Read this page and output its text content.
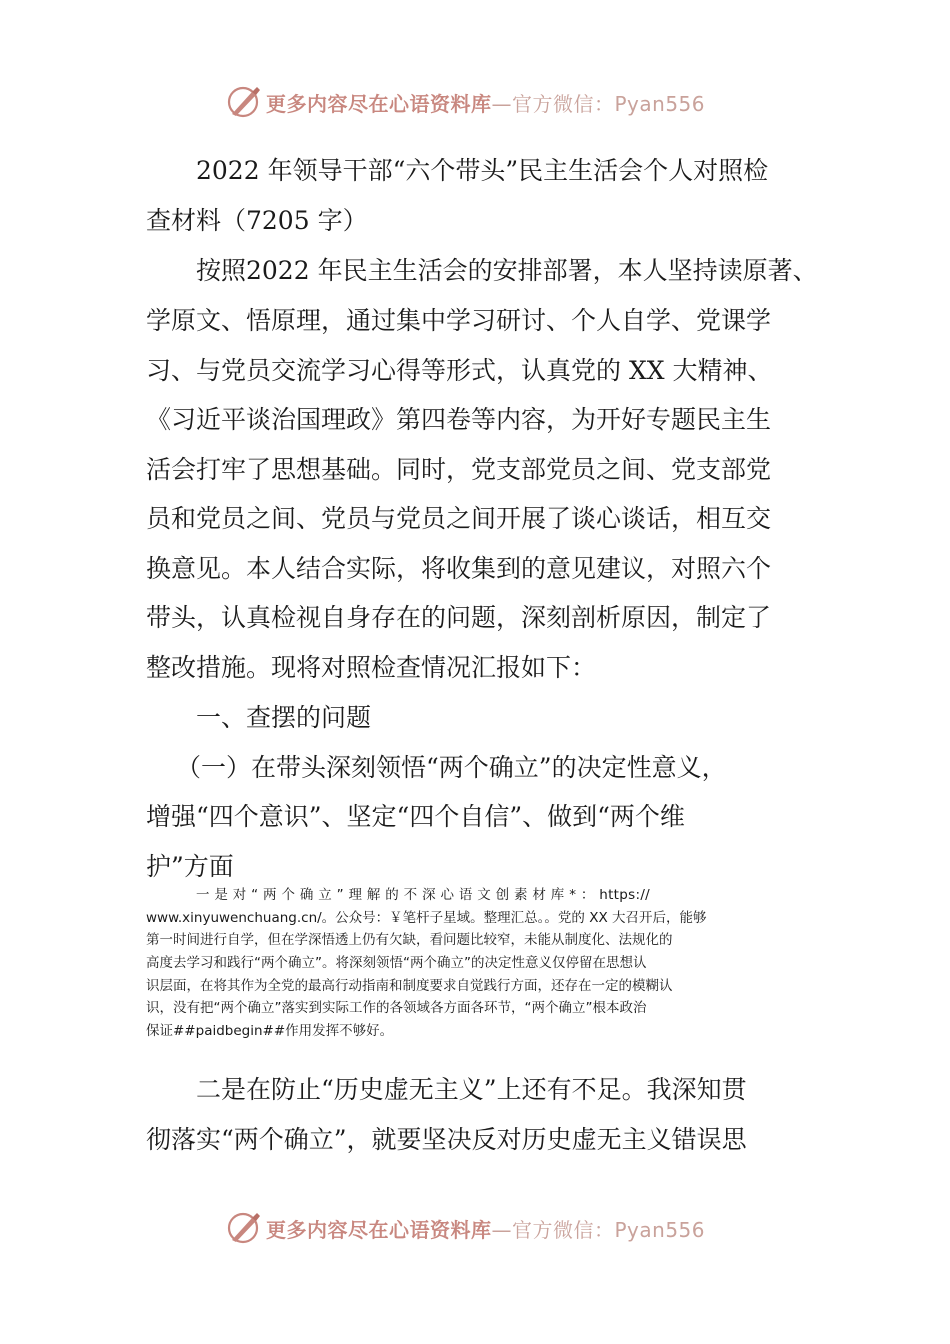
更多内容尽在心语资料库—官方微信：Pyan556
2022 年领导干部“六个带头”民主生活会个人对照检
查材料（7205 字）
按照2022 年民主生活会的安排部署，本人坚持读原著、
学原文、悟原理，通过集中学习研讨、个人自学、党课学
习、与党员交流学习心得等形式，认真党的 XX 大精神、
《习近平谈治国理政》第四卷等内容，为开好专题民主生
活会打牢了思想基础。同时，党支部党员之间、党支部党
员和党员之间、党员与党员之间开展了谈心谈话，相互交
换意见。本人结合实际，将收集到的意见建议，对照六个
带头，认真检视自身存在的问题，深刻剖析原因，制定了
整改措施。现将对照检查情况汇报如下：
一、查摆的问题
（一）在带头深刻领悟“两个确立”的决定性意义，
增强“四个意识”、坚定“四个自信”、做到“两个维
护”方面
一 是 对 “ 两 个 确 立 ” 理 解 的 不 深 心 语 文 创 素 材 库 * ： https://
www.xinyuwenchuang.cn/。公众号：￥笔杆子星域。整理汇总。。党的 XX 大召开后，能够
第一时间进行自学，但在学深悟透上仍有欠缺，看问题比较窄，未能从制度化、法规化的
高度去学习和践行“两个确立”。将深刻领悟“两个确立”的决定性意义仅停留在思想认
识层面，在将其作为全党的最高行动指南和制度要求自觉践行方面，还存在一定的模糊认
识，没有把“两个确立”落实到实际工作的各领域各方面各环节，“两个确立”根本政治
保证##paidbegin##作用发挥不够好。
二是在防止“历史虚无主义”上还有不足。我深知贯
彻落实“两个确立”，就要坚决反对历史虚无主义错误思
更多内容尽在心语资料库—官方微信：Pyan556
